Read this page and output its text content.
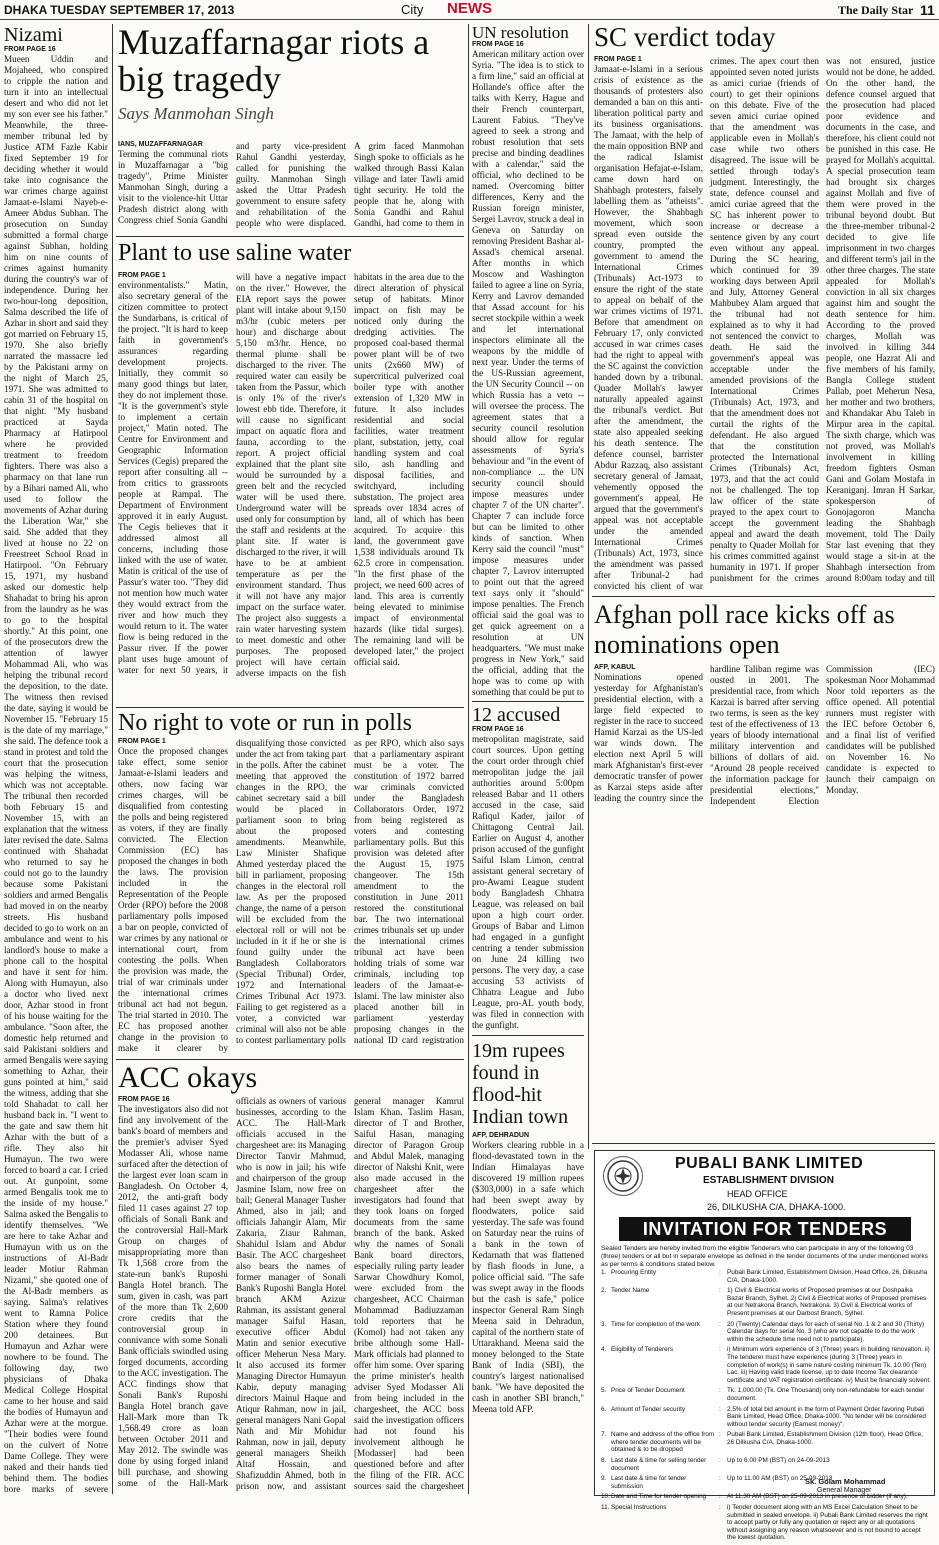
DHAKA TUESDAY SEPTEMBER 17, 2013	City NEWS	The Daily Star 11
Nizami
FROM PAGE 16
Mueen Uddin and Mojaheed, who conspired to cripple the nation and turn it into an intellectual desert and who did not let my son ever see his father." Meanwhile, the three-member tribunal led by Justice ATM Fazle Kabir fixed September 19 for deciding whether it would take into cognisance the war crimes charge against Jamaat-e-Islami Nayeb-e-Ameer Abdus Subhan. The prosecution on Sunday submitted a formal charge against Subhan, holding him on nine counts of crimes against humanity during the country's war of independence. During her two-hour-long deposition, Salma described the life of Azhar in short and said they got married on February 15, 1970. She also briefly narrated the massacre led by the Pakistani army on the night of March 25, 1971. She was admitted to cabin 31 of the hospital on that night. "My husband practiced at Sayda Pharmacy at Hatirpool where he provided treatment to freedom fighters. There was also a pharmacy on that lane run by a Bihari named Ali, who used to follow the movements of Azhar during the Liberation War," she said. She added that they lived at house no 22 on Freestreet School Road in Hatirpool. "On February 15, 1971, my husband asked our domestic help Shahadat to bring his apron from the laundry as he was to go to the hospital shortly." At this point, one of the prosecutors drew the attention of lawyer Mohammad Ali, who was helping the tribunal record the deposition, to the date. The witness then revised the date, saying it would be November 15. "February 15 is the date of my marriage," she said. The defence took a stand in protest and told the court that the prosecution was helping the witness, which was not acceptable. The tribunal then recorded both February 15 and November 15, with an explanation that the witness later revised the date. Salma continued with Shahadat who returned to say he could not go to the laundry because some Pakistani soldiers and armed Bengalis had moved in on the nearby streets. His husband decided to go to work on an ambulance and went to his landlord's house to make a phone call to the hospital and have it sent for him. Along with Humayun, also a doctor who lived next door, Azhar stood in front of his house waiting for the ambulance. "Soon after, the domestic help returned and said Pakistani soldiers and armed Bengalis were saying something to Azhar, their guns pointed at him," said the witness, adding that she told Shahadat to call her husband back in. "I went to the gate and saw them hit Azhar with the butt of a rifle. They also hit Humayun. The two were forced to board a car. I cried out. At gunpoint, some armed Bengalis took me to the inside of my house." Salma asked the Bengalis to identify themselves. "We are here to take Azhar and Humayun with us on the instructions of Al-Badr leader Motiur Rahman Nizami," she quoted one of the Al-Badr members as saying. Salma's relatives went to Ramna Police Station where they found 200 detainees. But Humayun and Azhar were nowhere to be found. The following day, two physicians of Dhaka Medical College Hospital came to her house and said the bodies of Humayun and Azhar were at the morgue. "Their bodies were found on the culvert of Notre Dame College. They were naked and their hands tied behind them. The bodies bore marks of severe
Muzaffarnagar riots a big tragedy
Says Manmohan Singh
IANS, MUZAFFARNAGAR
Terming the communal riots in Muzaffarnagar a "big tragedy", Prime Minister Manmohan Singh, during a visit to the violence-hit Uttar Pradesh district along with Congress chief Sonia Gandhi and party vice-president Rahul Gandhi yesterday, called for punishing the guilty. Manmohan Singh asked the Uttar Pradesh government to ensure safety and rehabilitation of the people who were displaced. A grim faced Manmohan Singh spoke to officials as he walked through Bassi Kalan village and later Tawli amid tight security. He told the people that he, along with Sonia Gandhi and Rahul Gandhi, had come to them in
Plant to use saline water
FROM PAGE 1
environmentalists." Matin, also secretary general of the citizen committee to protect the Sundarbans, is critical of the project. "It is hard to keep faith in government's assurances regarding development projects. Initially, they commit so many good things but later, they do not implement those. "It is the government's style to implement a certain project," Matin noted. The Centre for Environment and Geographic Information Services (Cegis) prepared the report after consulting all -- from critics to grassroots people at Rampal. The Department of Environment approved it in early August. The Cegis believes that it addressed almost all concerns, including those linked with the use of water. Matin is critical of the use of Passur's water too. "They did not mention how much water they would extract from the river and how much they would return to it. The water flow is being reduced in the Passur river. If the power plant uses huge amount of water for next 50 years, it will have a negative impact on the river." However, the EIA report says the power plant will intake about 9,150 m3/hr (cubic meters per hour) and discharge about 5,150 m3/hr. Hence, no thermal plume shall be discharged to the river. The required water can easily be taken from the Passur, which is only 1% of the river's lowest ebb tide. Therefore, it will cause no significant impact on aquatic flora and fauna, according to the report. A project official explained that the plant site would be surrounded by a green belt and the recycled water will be used there. Underground water will be used only for consumption by the staff and residents at the plant site. If water is discharged to the river, it will have to be at ambient temperature as per the environment standard. Thus it will not have any major impact on the surface water. The project also suggests a rain water harvesting system to meet domestic and other purposes. The proposed project will have certain adverse impacts on the fish habitats in the area due to the direct alteration of physical setup of habitats. Minor impact on fish may be noticed only during the dredging activities. The proposed coal-based thermal power plant will be of two units (2x660 MW) of supercritical pulverized coal boiler type with another extension of 1,320 MW in future. It also includes residential and social facilities, water treatment plant, substation, jetty, coal handling system and coal silo, ash handling and disposal facilities, and switchyard, including substation. The project area spreads over 1834 acres of land, all of which has been acquired. To acquire this land, the government gave 1,538 individuals around Tk 62.5 crore in compensation. "In the first phase of the project, we need 600 acres of land. This area is currently being elevated to minimise impact of environmental hazards (like tidal surges). The remaining land will be developed later," the project official said.
No right to vote or run in polls
FROM PAGE 1
Once the proposed changes take effect, some senior Jamaat-e-Islami leaders and others, now facing war crimes charges, will be disqualified from contesting the polls and being registered as voters, if they are finally convicted. The Election Commission (EC) has proposed the changes in both the laws. The provision included in the Representation of the People Order (RPO) before the 2008 parliamentary polls imposed a bar on people, convicted of war crimes by any national or international court, from contesting the polls. When the provision was made, the trial of war criminals under the international crimes tribunal act had not begun. The trial started in 2010. The EC has proposed another change in the provision to make it clearer by disqualifying those convicted under the act from taking part in the polls. After the cabinet meeting that approved the changes in the RPO, the cabinet secretary said a bill would be placed in parliament soon to bring about the proposed amendments. Meanwhile, Law Minister Shafique Ahmed yesterday placed the bill in parliament, proposing changes in the electoral roll law. As per the proposed change, the name of a person will be excluded from the electoral roll or will not be included in it if he or she is found guilty under the Bangladesh Collaborators (Special Tribunal) Order, 1972 and International Crimes Tribunal Act 1973. Failing to get registered as a voter, a convicted war criminal will also not be able to contest parliamentary polls as per RPO, which also says that a parliamentary aspirant must be a voter. The constitution of 1972 barred war criminals convicted under the Bangladesh Collaborators Order, 1972 from being registered as voters and contesting parliamentary polls. But this provision was deleted after the August 15, 1975 changeover. The 15th amendment to the constitution in June 2011 restored the constitutional bar. The two international crimes tribunals set up under the international crimes tribunal act have been holding trials of some war criminals, including top leaders of the Jamaat-e-Islami. The law minister also placed another bill in parliament yesterday proposing changes in the national ID card registration
ACC okays
FROM PAGE 16
The investigators also did not find any involvement of the bank's board of members and the premier's adviser Syed Modasser Ali, whose name surfaced after the detection of the largest ever loan scam in Bangladesh. On October 4, 2012, the anti-graft body filed 11 cases against 27 top officials of Sonali Bank and the controversial Hall-Mark Group on charges of misappropriating more than Tk 1,568 crore from the state-run bank's Ruposhi Bangla Hotel branch. The sum, given in cash, was part of the more than Tk 2,600 crore credits that the controversial group in connivance with some Sonali Bank officials swindled using forged documents, according to the ACC investigation. The ACC findings show that Sonali Bank's Ruposhi Bangla Hotel branch gave Hall-Mark more than Tk 1,568.49 crore as loan between October 2011 and May 2012. The swindle was done by using forged inland bill purchase, and showing some of the Hall-Mark officials as owners of various businesses, according to the ACC. The Hall-Mark officials accused in the chargesheet are: its Managing Director Tanvir Mahmud, who is now in jail; his wife and chairperson of the group Jasmine Islam, now free on bail; General Manager Tusher Ahmed, also in jail; and officials Jahangir Alam, Mir Zakaria, Ziaur Rahman, Shahidul Islam and Abdur Basir. The ACC chargesheet also bears the names of former manager of Sonali Bank's Ruposhi Bangla Hotel branch AKM Azizur Rahman, its assistant general manager Saiful Hasan, executive officer Abdul Matin and senior executive officer Meherun Nesa Mary. It also accused its former Managing Director Humayun Kabir, deputy managing directors Mainul Haque and Atiqur Rahman, now in jail, general managers Nani Gopal Nath and Mir Mohidur Rahman, now in jail, deputy general managers Sheikh Altaf Hossain, and Shafizuddin Ahmed, both in prison now, and assistant general manager Kamrul Islam Khan. Taslim Hasan, director of T and Brother, Saiful Hasan, managing director of Paragon Group and Abdul Malek, managing director of Nakshi Knit, were also made accused in the chargesheet after the investigators had found that they took loans on forged documents from the same branch of the bank. Asked why the names of Sonali Bank board directors, especially ruling party leader Sarwar Chowdhury Komol, were excluded from the chargesheet, ACC Chairman Mohammad Badiuzzaman told reporters that he (Komol) had not taken any bribe although some Hall-Mark officials had planned to offer him some. Over sparing the prime minister's health adviser Syed Modasser Ali from being included in the chargesheet, the ACC boss said the investigation officers had not found his involvement although he [Modasser] had been questioned before and after the filing of the FIR. ACC sources said the chargesheet
UN resolution
FROM PAGE 16
American military action over Syria. "The idea is to stick to a firm line," said an official at Hollande's office after the talks with Kerry, Hague and their French counterpart, Laurent Fabius. "They've agreed to seek a strong and robust resolution that sets precise and binding deadlines with a calendar," said the official, who declined to be named. Overcoming bitter differences, Kerry and the Russian foreign minister, Sergei Lavrov, struck a deal in Geneva on Saturday on removing President Bashar al-Assad's chemical arsenal. After months in which Moscow and Washington failed to agree a line on Syria, Kerry and Lavrov demanded that Assad account for his secret stockpile within a week and let international inspectors eliminate all the weapons by the middle of next year. Under the terms of the US-Russian agreement, the UN Security Council -- on which Russia has a veto -- will oversee the process. The agreement states that a security council resolution should allow for regular assessments of Syria's behaviour and "in the event of non-compliance ... the UN security council should impose measures under chapter 7 of the UN charter". Chapter 7 can include force but can be limited to other kinds of sanction. When Kerry said the council "must" impose measures under chapter 7, Lavrov interrupted to point out that the agreed text says only it "should" impose penalties. The French official said the goal was to get quick agreement on a resolution at UN headquarters. "We must make progress in New York," said the official, adding that the hope was to come up with something that could be put to
12 accused
FROM PAGE 16
metropolitan magistrate, said court sources. Upon getting the court order through chief metropolitan judge the jail authorities around 5:00pm released Babar and 11 others accused in the case, said Rafiqul Kader, jailor of Chittagong Central Jail. Earlier on August 4, another prison accused of the gunfight Saiful Islam Limon, central assistant general secretary of pro-Awami League student body Bangladesh Chhatra League, was released on bail upon a high court order. Groups of Babar and Limon had engaged in a gunfight centring a tender submission on June 24 killing two persons. The very day, a case accusing 53 activists of Chhatra League and Jubo League, pro-AL youth body, was filed in connection with the gunfight.
19m rupees found in flood-hit Indian town
AFP, DEHRADUN
Workers clearing rubble in a flood-devastated town in the Indian Himalayas have discovered 19 million rupees ($303,000) in a safe which had been swept away by floodwaters, police said yesterday. The safe was found on Saturday near the ruins of a bank in the town of Kedarnath that was flattened by flash floods in June, a police official said. "The safe was swept away in the floods but the cash is safe," police inspector General Ram Singh Meena said in Dehradun, capital of the northern state of Uttarakhand. Meena said the money belonged to the State Bank of India (SBI), the country's largest nationalised bank. "We have deposited the cash in another SBI branch," Meena told AFP.
SC verdict today
FROM PAGE 1
Jamaat-e-Islami in a serious crisis of existence as the thousands of protesters also demanded a ban on this anti-liberation political party and its business organisations. The Jamaat, with the help of the main opposition BNP and the radical Islamist organisation Hefajat-e-Islam, came down hard on Shahbagh protesters, falsely labelling them as "atheists". However, the Shahbagh movement, which soon spread even outside the country, prompted the government to amend the International Crimes (Tribunals) Act-1973 to ensure the right of the state to appeal on behalf of the war crimes victims of 1971. Before that amendment on February 17, only convicted accused in war crimes cases had the right to appeal with the SC against the conviction handed down by a tribunal. Quader Mollah's lawyer naturally appealed against the tribunal's verdict. But after the amendment, the state also appealed seeking his death sentence. The defence counsel, barrister Abdur Razzaq, also assistant secretary general of Jamaat, vehemently opposed the government's appeal. He argued that the government's appeal was not acceptable under the amended International Crimes (Tribunals) Act, 1973, since the amendment was passed after Tribunal-2 had convicted his client of war crimes. The apex court then appointed seven noted jurists as amici curiae (friends of court) to get their opinions on this debate. Five of the seven amici curiae opined that the amendment was applicable even in Mollah's case while two others disagreed. The issue will be settled through today's judgment. Interestingly, the state, defence counsel and amici curiae agreed that the SC has inherent power to increase or decrease a sentence given by any court even without any appeal. During the SC hearing, which continued for 39 working days between April and July, Attorney General Mahbubey Alam argued that the tribunal had not explained as to why it had not sentenced the convict to death. He said the government's appeal was acceptable under the amended provisions of the International Crimes (Tribunals) Act, 1973, and that the amendment does not curtail the rights of the defendant. He also argued that the constitution protected the International Crimes (Tribunals) Act, 1973, and that the act could not be challenged. The top law officer of the state prayed to the apex court to accept the government appeal and award the death penalty to Quader Mollah for his crimes committed against humanity in 1971. If proper punishment for the crimes was not ensured, justice would not be done, he added. On the other hand, the defence counsel argued that the prosecution had placed poor evidence and documents in the case, and therefore, his client could not be punished in this case. He prayed for Mollah's acquittal. A special prosecution team had brought six charges against Mollah and five of them were proved in the tribunal beyond doubt. But the three-member tribunal-2 decided to give life imprisonment in two charges and different term's jail in the other three charges. The state appealed for Mollah's conviction in all six charges against him and sought the death sentence for him. According to the proved charges, Mollah was involved in killing 344 people, one Hazrat Ali and five members of his family, Bangla College student Pallab, poet Meherun Nesa, her mother and two brothers, and Khandakar Abu Taleb in Mirpur area in the capital. The sixth charge, which was not proved, was Mollah's involvement in killing freedom fighters Osman Gani and Golam Mostafa in Keraniganj. Imran H Sarkar, spokesperson of Gonojagoron Mancha leading the Shahbagh movement, told The Daily Star last evening that they would stage a sit-in at the Shahbagh intersection from around 8:00am today and till
Afghan poll race kicks off as nominations open
AFP, KABUL
Nominations opened yesterday for Afghanistan's presidential election, with a large field expected to register in the race to succeed Hamid Karzai as the US-led war winds down. The election next April 5 will mark Afghanistan's first-ever democratic transfer of power as Karzai steps aside after leading the country since the hardline Taliban regime was ousted in 2001. The presidential race, from which Karzai is barred after serving two terms, is seen as the key test of the effectiveness of 13 years of bloody international military intervention and billions of dollars of aid. "Around 28 people received the information package for presidential elections," Independent Election Commission (IEC) spokesman Noor Mohammad Noor told reporters as the office opened. All potential runners must register with the IEC before October 6, and a final list of verified candidates will be published on November 16. No candidate is expected to launch their campaign on Monday.
PUBALI BANK LIMITED
ESTABLISHMENT DIVISION
HEAD OFFICE
26, DILKUSHA C/A, DHAKA-1000.
INVITATION FOR TENDERS
Sealed Tenders are hereby invited from the eligible Tenderers who can participate in any of the following 03 (three) tenders or all but in separate envelope as defined in the tender documents of the under mentioned works as per terms & conditions stated below.
1.	Procuring Entity	:	Pubali Bank Limited, Establishment Division, Head Office, 26, Dilkusha C/A, Dhaka-1000.
2.	Tender Name	:	1) Civil & Electrical works of Proposed premises at our Doshpaika Bazar Branch, Sylhet. 2) Civil & Electrical works of Proposed premises at our Netrakona Branch, Netrakona. 3) Civil & Electrical works of Present premises at our Darbost Branch, Sylhet.
3.	Time for completion of the work	:	20 (Twenty) Calendar days for each of serial No. 1 & 2 and 30 (Thirty) Calendar days for serial No. 3 (who are not capable to do the work within the schedule time need not to participate).
4.	Eligibility of Tenderers	:	i) Minimum work experience of 3 (Three) years in building renovation. ii) The tenderer must have experience (during 3 (Three) years in completion of work(s) in same nature costing minimum Tk. 10.00 (Ten) Lac. iii) Having valid trade license, up to date Income Tax clearance certificate and VAT registration certificate. iv) Must be financially solvent.
5.	Price of Tender Document	:	Tk. 1,000.00 (Tk. One Thousand) only non-refundable for each tender document.
6.	Amount of Tender security	:	2.5% of total bid amount in the form of Payment Order favoring Pubali Bank Limited, Head Office, Dhaka-1000. "No tender will be considered without tender security (Earnest money)".
7.	Name and address of the office from where tender documents will be obtained & to be dropped	:	Pubali Bank Limited, Establishment Division (12th floor), Head Office, 26 Dilkusha C/A, Dhaka-1000.
8.	Last date & time for selling tender document	:	Up to 6.00 PM (BST) on 24-09-2013
9.	Last date & time for tender submission	:	Up to 11.00 AM (BST) on 25-09-2013
10.	Date and Time for tender opening	:	At 11.30 AM (BST) on 25-09-2013 in presence of bidder (if any).
11.	Special Instructions	:	i) Tender document along with an MS Excel Calculation Sheet to be submitted in sealed envelope. ii) Pubali Bank Limited reserves the right to accept partly or fully any quotation or reject any or all quotations without assigning any reason whatsoever and is not bound to accept the lowest quotation.
Sk. Golam Mohammad
General Manager
